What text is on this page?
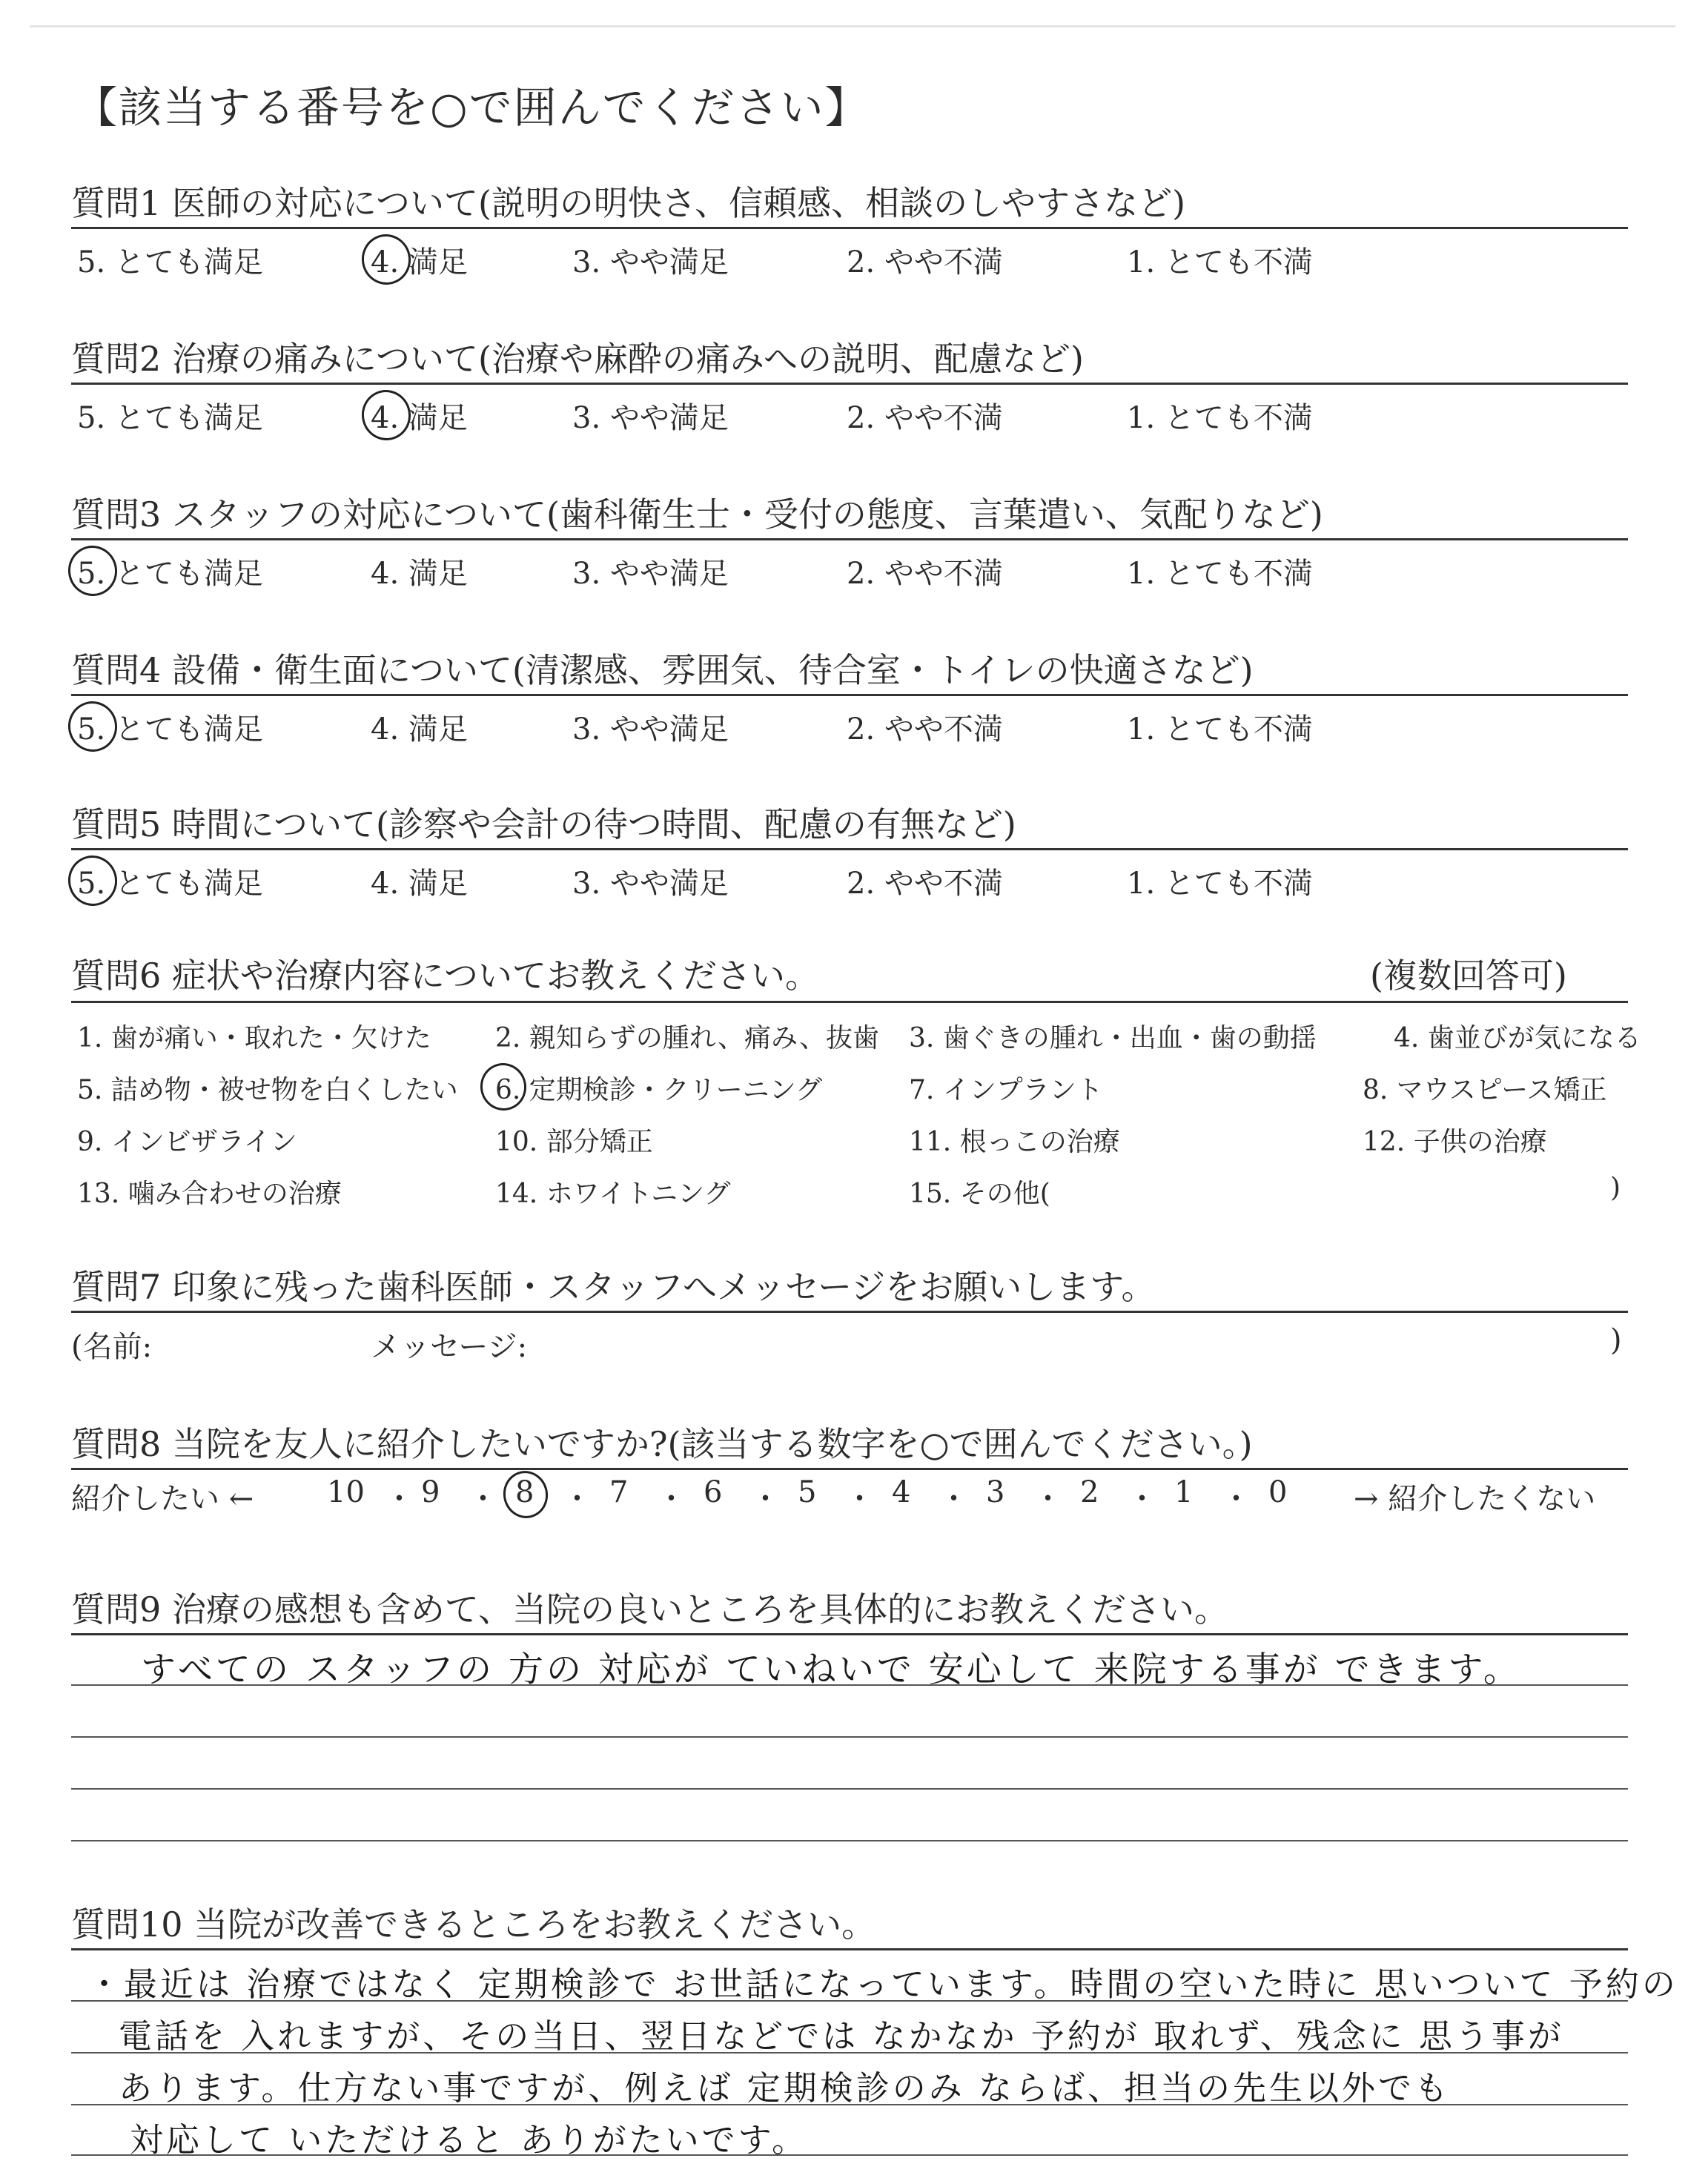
【該当する番号を○で囲んでください】
質問1 医師の対応について(説明の明快さ、信頼感、相談のしやすさなど)
5. とても満足	4. 満足	3. やや満足	2. やや不満	1. とても不満
質問2 治療の痛みについて(治療や麻酔の痛みへの説明、配慮など)
5. とても満足	4. 満足	3. やや満足	2. やや不満	1. とても不満
質問3 スタッフの対応について(歯科衛生士・受付の態度、言葉遣い、気配りなど)
5. とても満足	4. 満足	3. やや満足	2. やや不満	1. とても不満
質問4 設備・衛生面について(清潔感、雰囲気、待合室・トイレの快適さなど)
5. とても満足	4. 満足	3. やや満足	2. やや不満	1. とても不満
質問5 時間について(診察や会計の待つ時間、配慮の有無など)
5. とても満足	4. 満足	3. やや満足	2. やや不満	1. とても不満
質問6 症状や治療内容についてお教えください。	(複数回答可)
1. 歯が痛い・取れた・欠けた 2. 親知らずの腫れ、痛み、抜歯 3. 歯ぐきの腫れ・出血・歯の動揺	4. 歯並びが気になる
5. 詰め物・被せ物を白くしたい 6. 定期検診・クリーニング	7. インプラント	8. マウスピース矯正
9. インビザライン	10. 部分矯正	11. 根っこの治療	12. 子供の治療
13. 噛み合わせの治療	14. ホワイトニング	15. その他(	)
質問7 印象に残った歯科医師・スタッフへメッセージをお願いします。
(名前:	メッセージ:	)
質問8 当院を友人に紹介したいですか?(該当する数字を○で囲んでください。)
紹介したい ←	→ 紹介したくない
10 ・ 9 ・ 8 ・ 7 ・ 6 ・ 5 ・ 4 ・ 3 ・ 2 ・ 1 ・ 0
質問9 治療の感想も含めて、当院の良いところを具体的にお教えください。
すべての スタッフの 方の 対応が ていねいで 安心して 来院する事が できます。
質問10 当院が改善できるところをお教えください。
・最近は 治療ではなく 定期検診で お世話になっています。時間の空いた時に 思いついて 予約の
電話を 入れますが、その当日、翌日などでは なかなか 予約が 取れず、残念に 思う事が
あります。仕方ない事ですが、例えば 定期検診のみ ならば、担当の先生以外でも
対応して いただけると ありがたいです。
